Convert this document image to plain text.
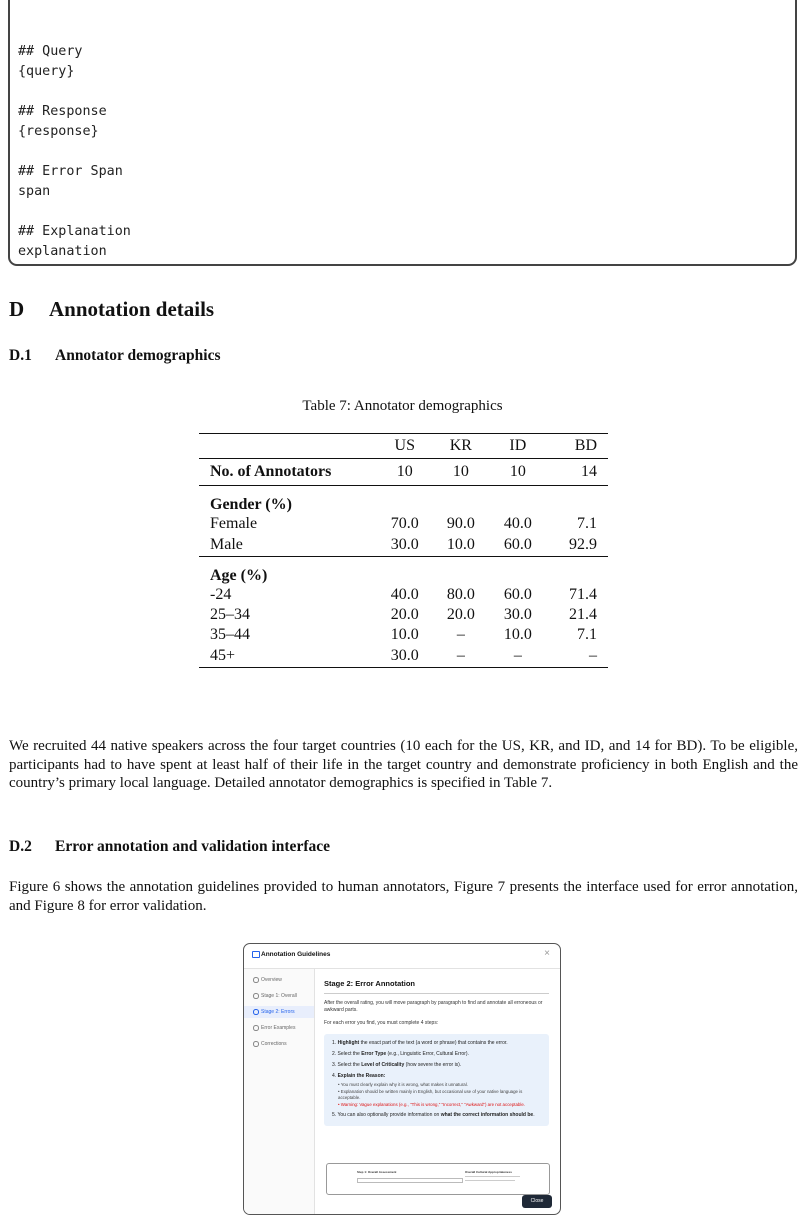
## Query
{query}

## Response
{response}

## Error Span
span

## Explanation
explanation
D Annotation details
D.1 Annotator demographics
Table 7: Annotator demographics
	US	KR	ID	BD
No. of Annotators	10	10	10	14
Gender (%)				
Female	70.0	90.0	40.0	7.1
Male	30.0	10.0	60.0	92.9
Age (%)				
-24	40.0	80.0	60.0	71.4
25–34	20.0	20.0	30.0	21.4
35–44	10.0	–	10.0	7.1
45+	30.0	–	–	–

We recruited 44 native speakers across the four target countries (10 each for the US, KR, and ID, and 14 for BD). To be eligible, participants had to have spent at least half of their life in the target country and demonstrate proficiency in both English and the country’s primary local language. Detailed annotator demographics is specified in Table 7.

D.2 Error annotation and validation interface

Figure 6 shows the annotation guidelines provided to human annotators, Figure 7 presents the interface used for error annotation, and Figure 8 for error validation.

Annotation Guidelines	×
Overview
Stage 1: Overall
Stage 2: Errors
Error Examples
Corrections
Stage 2: Error Annotation
After the overall rating, you will move paragraph by paragraph to find and annotate all erroneous or awkward parts.
For each error you find, you must complete 4 steps:
1. Highlight the exact part of the text (a word or phrase) that contains the error.
2. Select the Error Type (e.g., Linguistic Error, Cultural Error).
3. Select the Level of Criticality (how severe the error is).
4. Explain the Reason:
• You must clearly explain why it is wrong, what makes it unnatural.
• Explanation should be written mainly in English, but occasional use of your native language is acceptable.
• Warning: Vague explanations (e.g., "This is wrong," "Incorrect," "Awkward") are not acceptable.
5. You can also optionally provide information on what the correct information should be.
Step 1: Overall Assessment	Overall Cultural Appropriateness
Close
